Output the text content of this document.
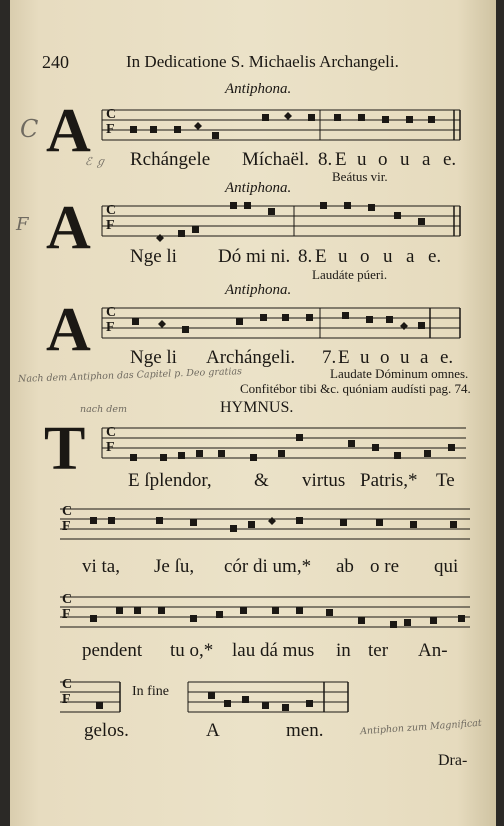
240	In Dedicatione S. Michaelis Archangeli.
Antiphona.
C A C
F
ℰ ℊ Rchángele Míchaël. 8. E u o u a e.
Beátus vir.
Antiphona.
F A C
F
Nge li Dó mi ni. 8. E u o u a e.
Laudáte púeri.
Antiphona.
A C
F
Nge li Archángeli. 7. E u o u a e.
Laudate Dóminum omnes.
Confitébor tibi &c. quóniam audísti pag. 74.
Nach dem Antiphon das Capitel p. Deo gratias
nach dem	HYMNUS.
T C
F
E ſplendor, & virtus Patris,* Te
C
F
vi ta, Je ſu, cór di um,* ab o re qui
C
F
pendent tu o,* lau dá mus in ter An-
C
F
In fine
gelos.	A	men.	Antiphon zum Magnificat
Dra-
